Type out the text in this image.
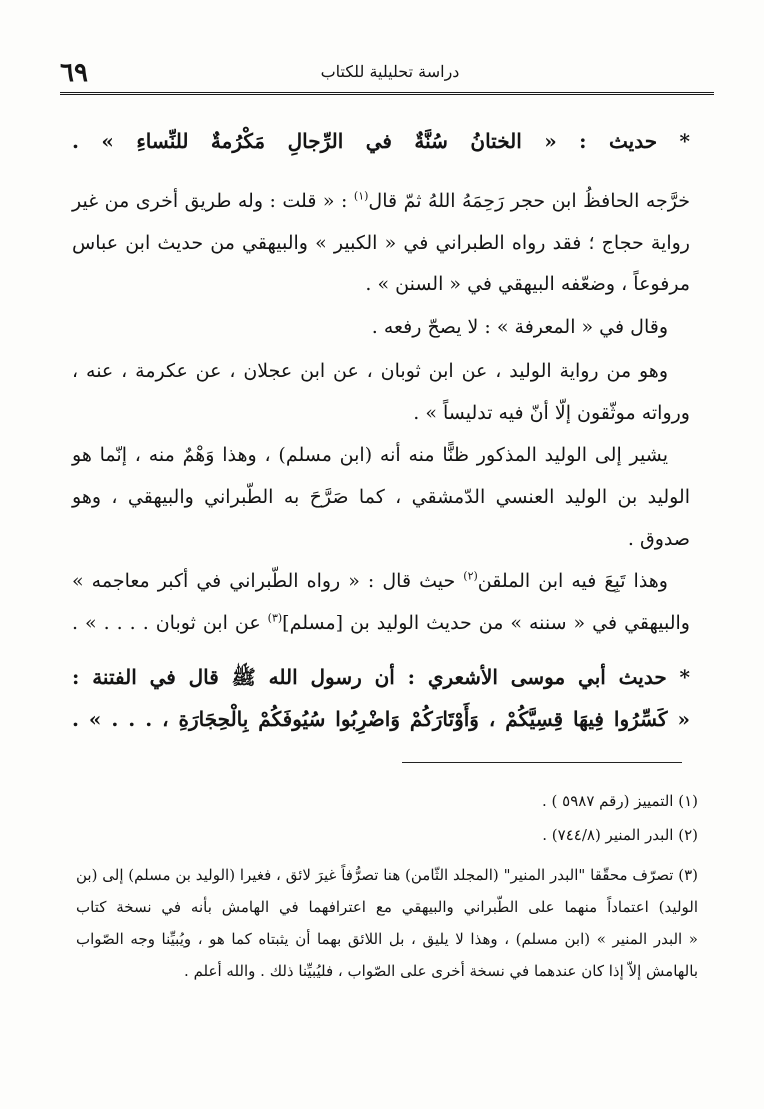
٦٩	دراسة تحليلية للكتاب
* حديث : « الختانُ سُنَّةٌ في الرِّجالِ مَكْرُمةٌ للنِّساءِ » .
خرَّجه الحافظُ ابن حجر رَحِمَهُ اللهُ ثمّ قال$^{(١)}$ : « قلت : وله طريق أخرى من غير
رواية حجاج ؛ فقد رواه الطبراني في « الكبير » والبيهقي من حديث ابن عباس
مرفوعاً ، وضعّفه البيهقي في « السنن » .
وقال في « المعرفة » : لا يصحّ رفعه .
وهو من رواية الوليد ، عن ابن ثوبان ، عن ابن عجلان ، عن عكرمة ، عنه ،
ورواته موثّقون إلّا أنّ فيه تدليساً » .
يشير إلى الوليد المذكور ظنًّا منه أنه (ابن مسلم) ، وهذا وَهْمٌ منه ، إنّما هو
الوليد بن الوليد العنسي الدّمشقي ، كما صَرَّحَ به الطّبراني والبيهقي ، وهو
صدوق .
وهذا تَبِعَ فيه ابن الملقن$^{(٢)}$ حيث قال : « رواه الطّبراني في أكبر معاجمه »
والبيهقي في « سننه » من حديث الوليد بن [مسلم]$^{(٣)}$ عن ابن ثوبان . . . . » .
* حديث أبي موسى الأشعري : أن رسول الله ﷺ قال في الفتنة :
« كَسِّرُوا فِيهَا قِسِيَّكُمْ ، وَأَوْتَارَكُمْ وَاضْرِبُوا سُيُوفَكُمْ بِالْحِجَارَةِ ، . . . » .
(١) التمييز (رقم ٥٩٨٧ ) .
(٢) البدر المنير (٧٤٤/٨) .
(٣) تصرّف محقّقا "البدر المنير" (المجلد الثّامن) هنا تصرُّفاً غيرَ لائق ، فغيرا (الوليد بن مسلم) إلى (بن
الوليد) اعتماداً منهما على الطّبراني والبيهقي مع اعترافهما في الهامش بأنه في نسخة كتاب
« البدر المنير » (ابن مسلم) ، وهذا لا يليق ، بل اللائق بهما أن يثبتاه كما هو ، ويُبيِّنا وجه الصّواب
بالهامش إلاّ إذا كان عندهما في نسخة أخرى على الصّواب ، فليُبيِّنا ذلك . والله أعلم .
